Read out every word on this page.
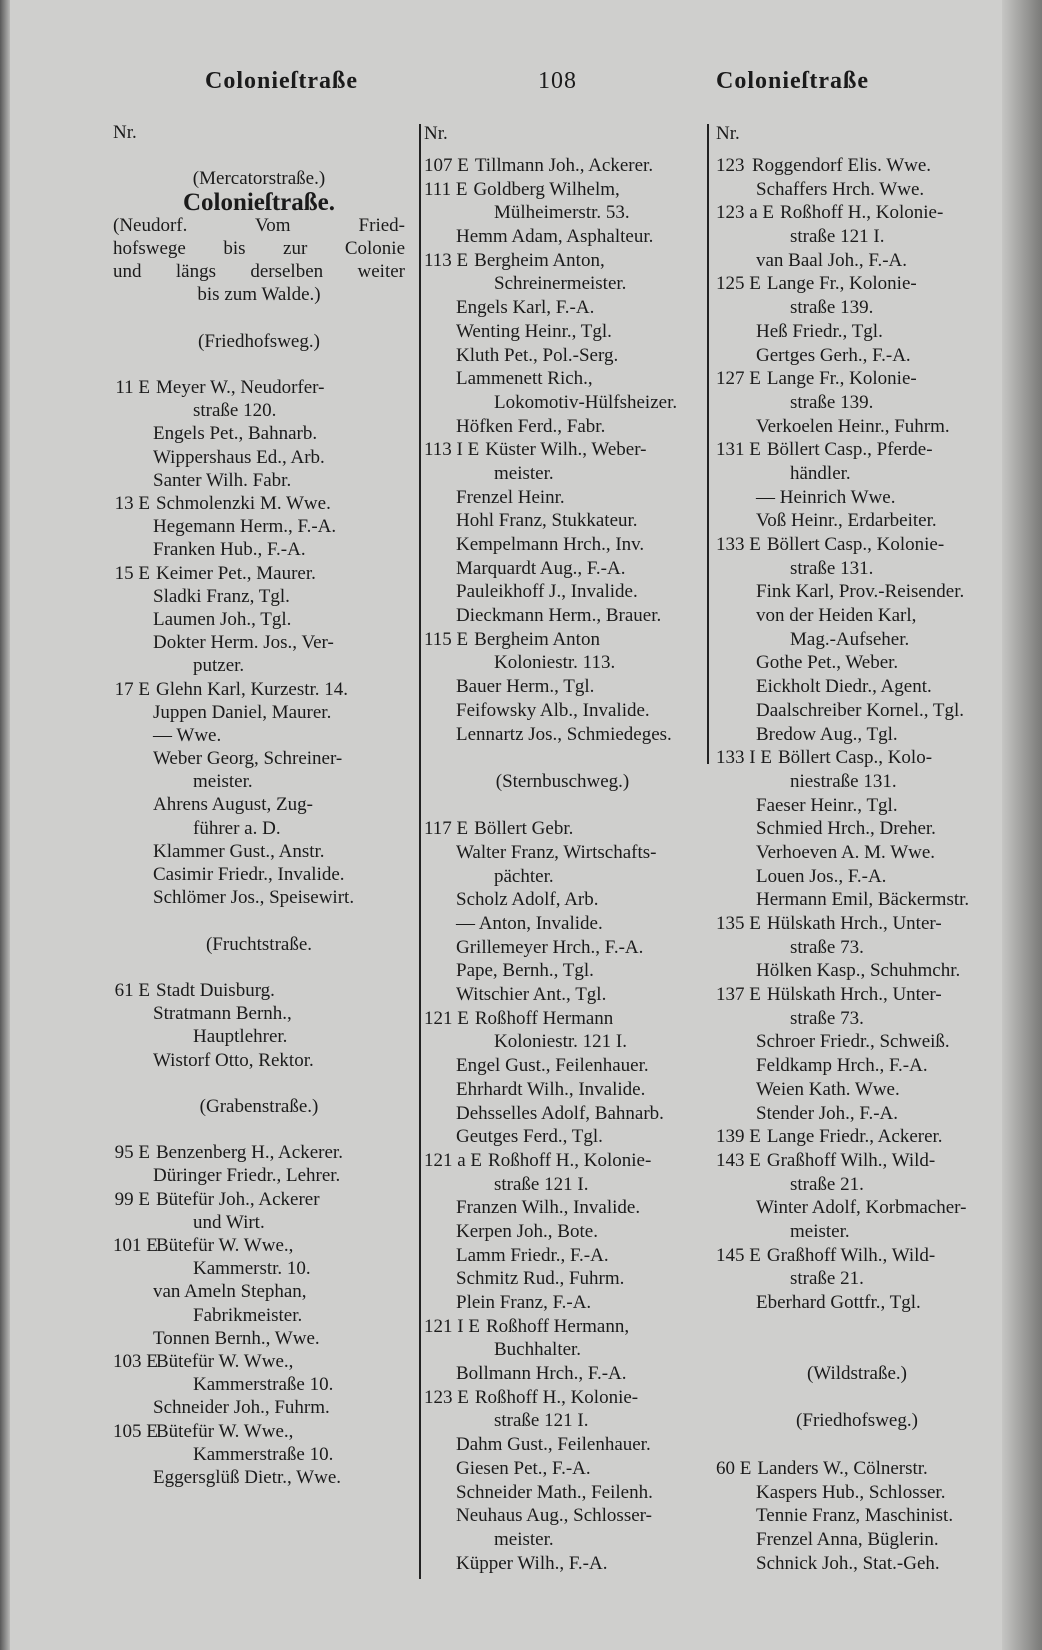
Colonieſtraße	108	Colonieſtraße
Nr.
(Mercatorstraße.)
Colonieſtraße.
(Neudorf. Vom Fried-
hofswege bis zur Colonie
und längs derselben weiter
bis zum Walde.)
(Friedhofsweg.)
11 E Meyer W., Neudorfer-
straße 120.
Engels Pet., Bahnarb.
Wippershaus Ed., Arb.
Santer Wilh. Fabr.
13 E Schmolenzki M. Wwe.
Hegemann Herm., F.-A.
Franken Hub., F.-A.
15 E Keimer Pet., Maurer.
Sladki Franz, Tgl.
Laumen Joh., Tgl.
Dokter Herm. Jos., Ver-
putzer.
17 E Glehn Karl, Kurzestr. 14.
Juppen Daniel, Maurer.
— Wwe.
Weber Georg, Schreiner-
meister.
Ahrens August, Zug-
führer a. D.
Klammer Gust., Anstr.
Casimir Friedr., Invalide.
Schlömer Jos., Speisewirt.
(Fruchtstraße.
61 E Stadt Duisburg.
Stratmann Bernh.,
Hauptlehrer.
Wistorf Otto, Rektor.
(Grabenstraße.)
95 E Benzenberg H., Ackerer.
Düringer Friedr., Lehrer.
99 E Bütefür Joh., Ackerer
und Wirt.
101 EBütefür W. Wwe.,
Kammerstr. 10.
van Ameln Stephan,
Fabrikmeister.
Tonnen Bernh., Wwe.
103 EBütefür W. Wwe.,
Kammerstraße 10.
Schneider Joh., Fuhrm.
105 EBütefür W. Wwe.,
Kammerstraße 10.
Eggersglüß Dietr., Wwe.
Nr.
107 E Tillmann Joh., Ackerer.
111 E Goldberg Wilhelm,
Mülheimerstr. 53.
Hemm Adam, Asphalteur.
113 E Bergheim Anton,
Schreinermeister.
Engels Karl, F.-A.
Wenting Heinr., Tgl.
Kluth Pet., Pol.-Serg.
Lammenett Rich.,
Lokomotiv-Hülfsheizer.
Höfken Ferd., Fabr.
113 I E Küster Wilh., Weber-
meister.
Frenzel Heinr.
Hohl Franz, Stukkateur.
Kempelmann Hrch., Inv.
Marquardt Aug., F.-A.
Pauleikhoff J., Invalide.
Dieckmann Herm., Brauer.
115 E Bergheim Anton
Koloniestr. 113.
Bauer Herm., Tgl.
Feifowsky Alb., Invalide.
Lennartz Jos., Schmiedeges.
(Sternbuschweg.)
117 E Böllert Gebr.
Walter Franz, Wirtschafts-
pächter.
Scholz Adolf, Arb.
— Anton, Invalide.
Grillemeyer Hrch., F.-A.
Pape, Bernh., Tgl.
Witschier Ant., Tgl.
121 E Roßhoff Hermann
Koloniestr. 121 I.
Engel Gust., Feilenhauer.
Ehrhardt Wilh., Invalide.
Dehsselles Adolf, Bahnarb.
Geutges Ferd., Tgl.
121 a E Roßhoff H., Kolonie-
straße 121 I.
Franzen Wilh., Invalide.
Kerpen Joh., Bote.
Lamm Friedr., F.-A.
Schmitz Rud., Fuhrm.
Plein Franz, F.-A.
121 I E Roßhoff Hermann,
Buchhalter.
Bollmann Hrch., F.-A.
123 E Roßhoff H., Kolonie-
straße 121 I.
Dahm Gust., Feilenhauer.
Giesen Pet., F.-A.
Schneider Math., Feilenh.
Neuhaus Aug., Schlosser-
meister.
Küpper Wilh., F.-A.
Nr.
123 Roggendorf Elis. Wwe.
Schaffers Hrch. Wwe.
123 a E Roßhoff H., Kolonie-
straße 121 I.
van Baal Joh., F.-A.
125 E Lange Fr., Kolonie-
straße 139.
Heß Friedr., Tgl.
Gertges Gerh., F.-A.
127 E Lange Fr., Kolonie-
straße 139.
Verkoelen Heinr., Fuhrm.
131 E Böllert Casp., Pferde-
händler.
— Heinrich Wwe.
Voß Heinr., Erdarbeiter.
133 E Böllert Casp., Kolonie-
straße 131.
Fink Karl, Prov.-Reisender.
von der Heiden Karl,
Mag.-Aufseher.
Gothe Pet., Weber.
Eickholt Diedr., Agent.
Daalschreiber Kornel., Tgl.
Bredow Aug., Tgl.
133 I E Böllert Casp., Kolo-
niestraße 131.
Faeser Heinr., Tgl.
Schmied Hrch., Dreher.
Verhoeven A. M. Wwe.
Louen Jos., F.-A.
Hermann Emil, Bäckermstr.
135 E Hülskath Hrch., Unter-
straße 73.
Hölken Kasp., Schuhmchr.
137 E Hülskath Hrch., Unter-
straße 73.
Schroer Friedr., Schweiß.
Feldkamp Hrch., F.-A.
Weien Kath. Wwe.
Stender Joh., F.-A.
139 E Lange Friedr., Ackerer.
143 E Graßhoff Wilh., Wild-
straße 21.
Winter Adolf, Korbmacher-
meister.
145 E Graßhoff Wilh., Wild-
straße 21.
Eberhard Gottfr., Tgl.
(Wildstraße.)
(Friedhofsweg.)
60 E Landers W., Cölnerstr.
Kaspers Hub., Schlosser.
Tennie Franz, Maschinist.
Frenzel Anna, Büglerin.
Schnick Joh., Stat.-Geh.
